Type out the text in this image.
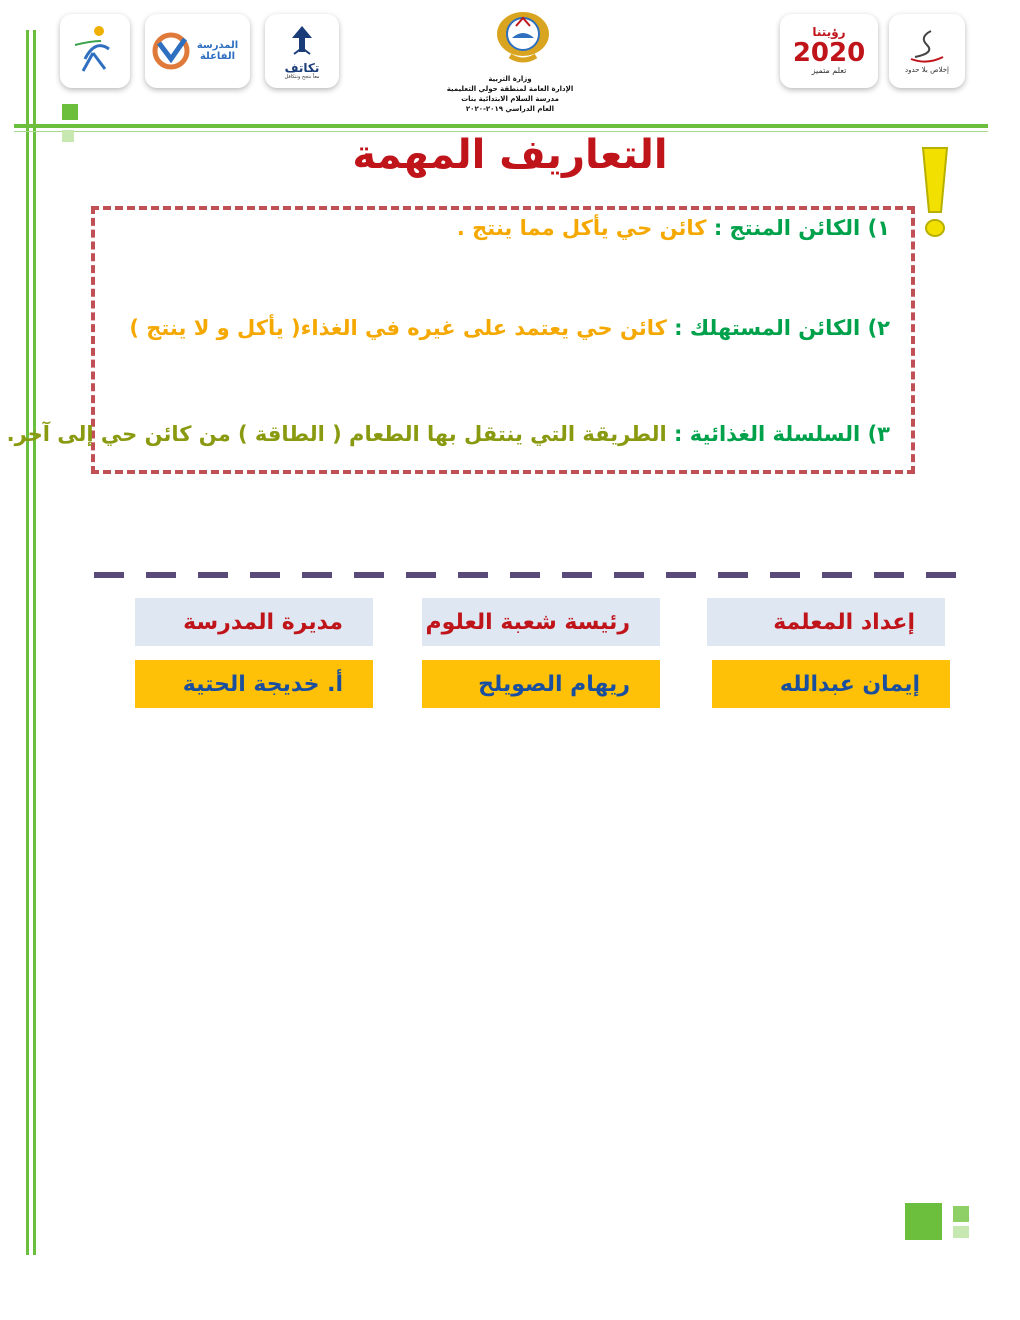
المدرسة الفاعلة
تكاتف
معاً نتجح ونتكافل	وزارة التربية
الإدارة العامة لمنطقة حولي التعليمية
مدرسة السلام الابتدائية بنات
العام الدراسي ٢٠١٩-٢٠٢٠
رؤيتنا
2020
تعلم متميز	إخلاص بلا حدود
التعاريف المهمة
١) الكائن المنتج : كائن حي يأكل مما ينتج .
٢) الكائن المستهلك : كائن حي يعتمد على غيره في الغذاء( يأكل و لا ينتج )
٣) السلسلة الغذائية : الطريقة التي ينتقل بها الطعام ( الطاقة ) من كائن حي إلى آخر.
إعداد المعلمة
رئيسة شعبة العلوم
مديرة المدرسة
إيمان عبدالله
ريهام الصويلح
أ. خديجة الحتية
